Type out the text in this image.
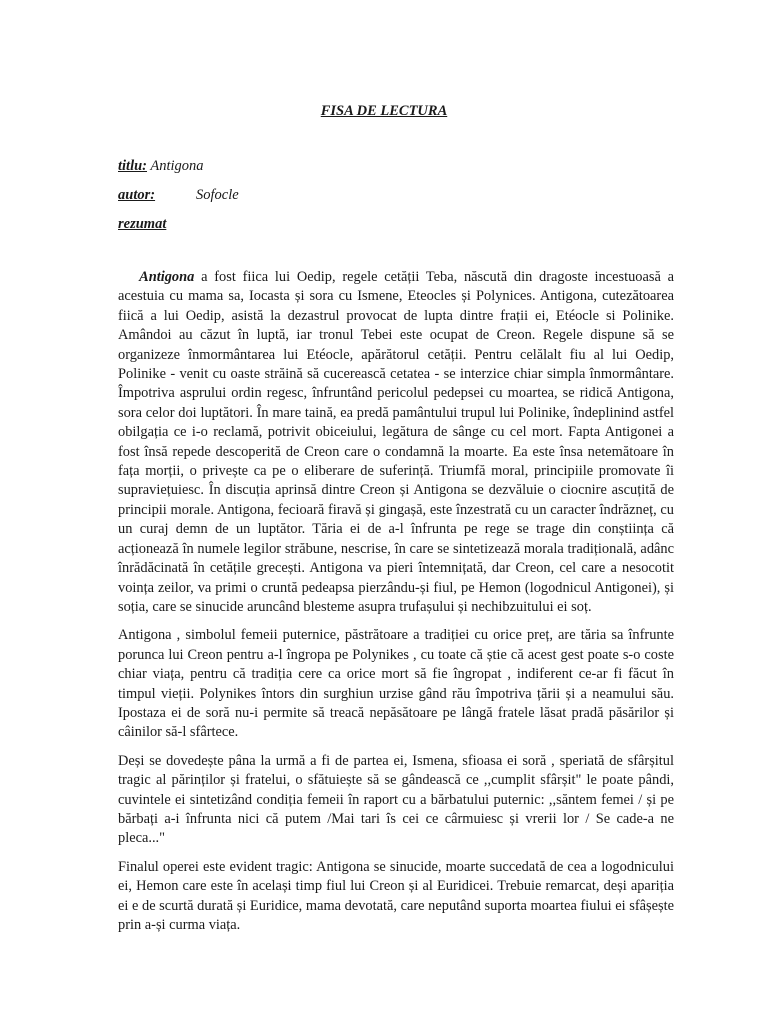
FISA DE LECTURA
titlu: Antigona
autor:	Sofocle
rezumat

  Antigona a fost fiica lui Oedip, regele cetății Teba, născută din dragoste incestuoasă a acestuia cu mama sa, Iocasta și sora cu Ismene, Eteocles și Polynices. Antigona, cutezătoarea fiică a lui Oedip, asistă la dezastrul provocat de lupta dintre frații ei, Etéocle si Polinike. Amândoi au căzut în luptă, iar tronul Tebei este ocupat de Creon. Regele dispune să se organizeze înmormântarea lui Etéocle, apărătorul cetății. Pentru celălalt fiu al lui Oedip, Polinike - venit cu oaste străină să cucerească cetatea - se interzice chiar simpla înmormântare. Împotriva asprului ordin regesc, înfruntând pericolul pedepsei cu moartea, se ridică Antigona, sora celor doi luptători. În mare taină, ea predă pamântului trupul lui Polinike, îndeplinind astfel obilgația ce i-o reclamă, potrivit obiceiului, legătura de sânge cu cel mort. Fapta Antigonei a fost însă repede descoperită de Creon care o condamnă la moarte. Ea este însa netemătoare în fața morții, o privește ca pe o eliberare de suferință. Triumfă moral, principiile promovate îi supraviețuiesc. În discuția aprinsă dintre Creon și Antigona se dezvăluie o ciocnire ascuțită de principii morale. Antigona, fecioară firavă și gingașă, este înzestrată cu un caracter îndrăzneț, cu un curaj demn de un luptător. Tăria ei de a-l înfrunta pe rege se trage din conștiința că acționează în numele legilor străbune, nescrise, în care se sintetizează morala tradițională, adânc înrădăcinată în cetățile grecești. Antigona va pieri întemnițată, dar Creon, cel care a nesocotit voința zeilor, va primi o cruntă pedeapsa pierzându-și fiul, pe Hemon (logodnicul Antigonei), și soția, care se sinucide aruncând blesteme asupra trufașului și nechibzuitului ei soț.

Antigona , simbolul femeii puternice, păstrătoare a tradiției cu orice preț, are tăria sa înfrunte porunca lui Creon pentru a-l îngropa pe Polynikes , cu toate că știe că acest gest poate s-o coste chiar viața, pentru că tradiția cere ca orice mort să fie îngropat , indiferent ce-ar fi făcut în timpul vieții. Polynikes întors din surghiun urzise gând rău împotriva țării și a neamului său. Ipostaza ei de soră nu-i permite să treacă nepăsătoare pe lângă fratele lăsat pradă păsărilor și câinilor să-l sfârtece.

Deși se dovedește pâna la urmă a fi de partea ei, Ismena, sfioasa ei soră , speriată de sfârșitul tragic al părinților și fratelui, o sfătuiește să se gândească ce ,,cumplit sfârșit" le poate pândi, cuvintele ei sintetizând condiția femeii în raport cu a bărbatului puternic: ,,săntem femei / și pe bărbați a-i înfrunta nici că putem /Mai tari îs cei ce cârmuiesc și vrerii lor / Se cade-a ne pleca..."

Finalul operei este evident tragic: Antigona se sinucide, moarte succedată de cea a logodnicului ei, Hemon care este în același timp fiul lui Creon și al Euridicei. Trebuie remarcat, deși apariția ei e de scurtă durată și Euridice, mama devotată, care neputând suporta moartea fiului ei sfâșește prin a-și curma viața.
